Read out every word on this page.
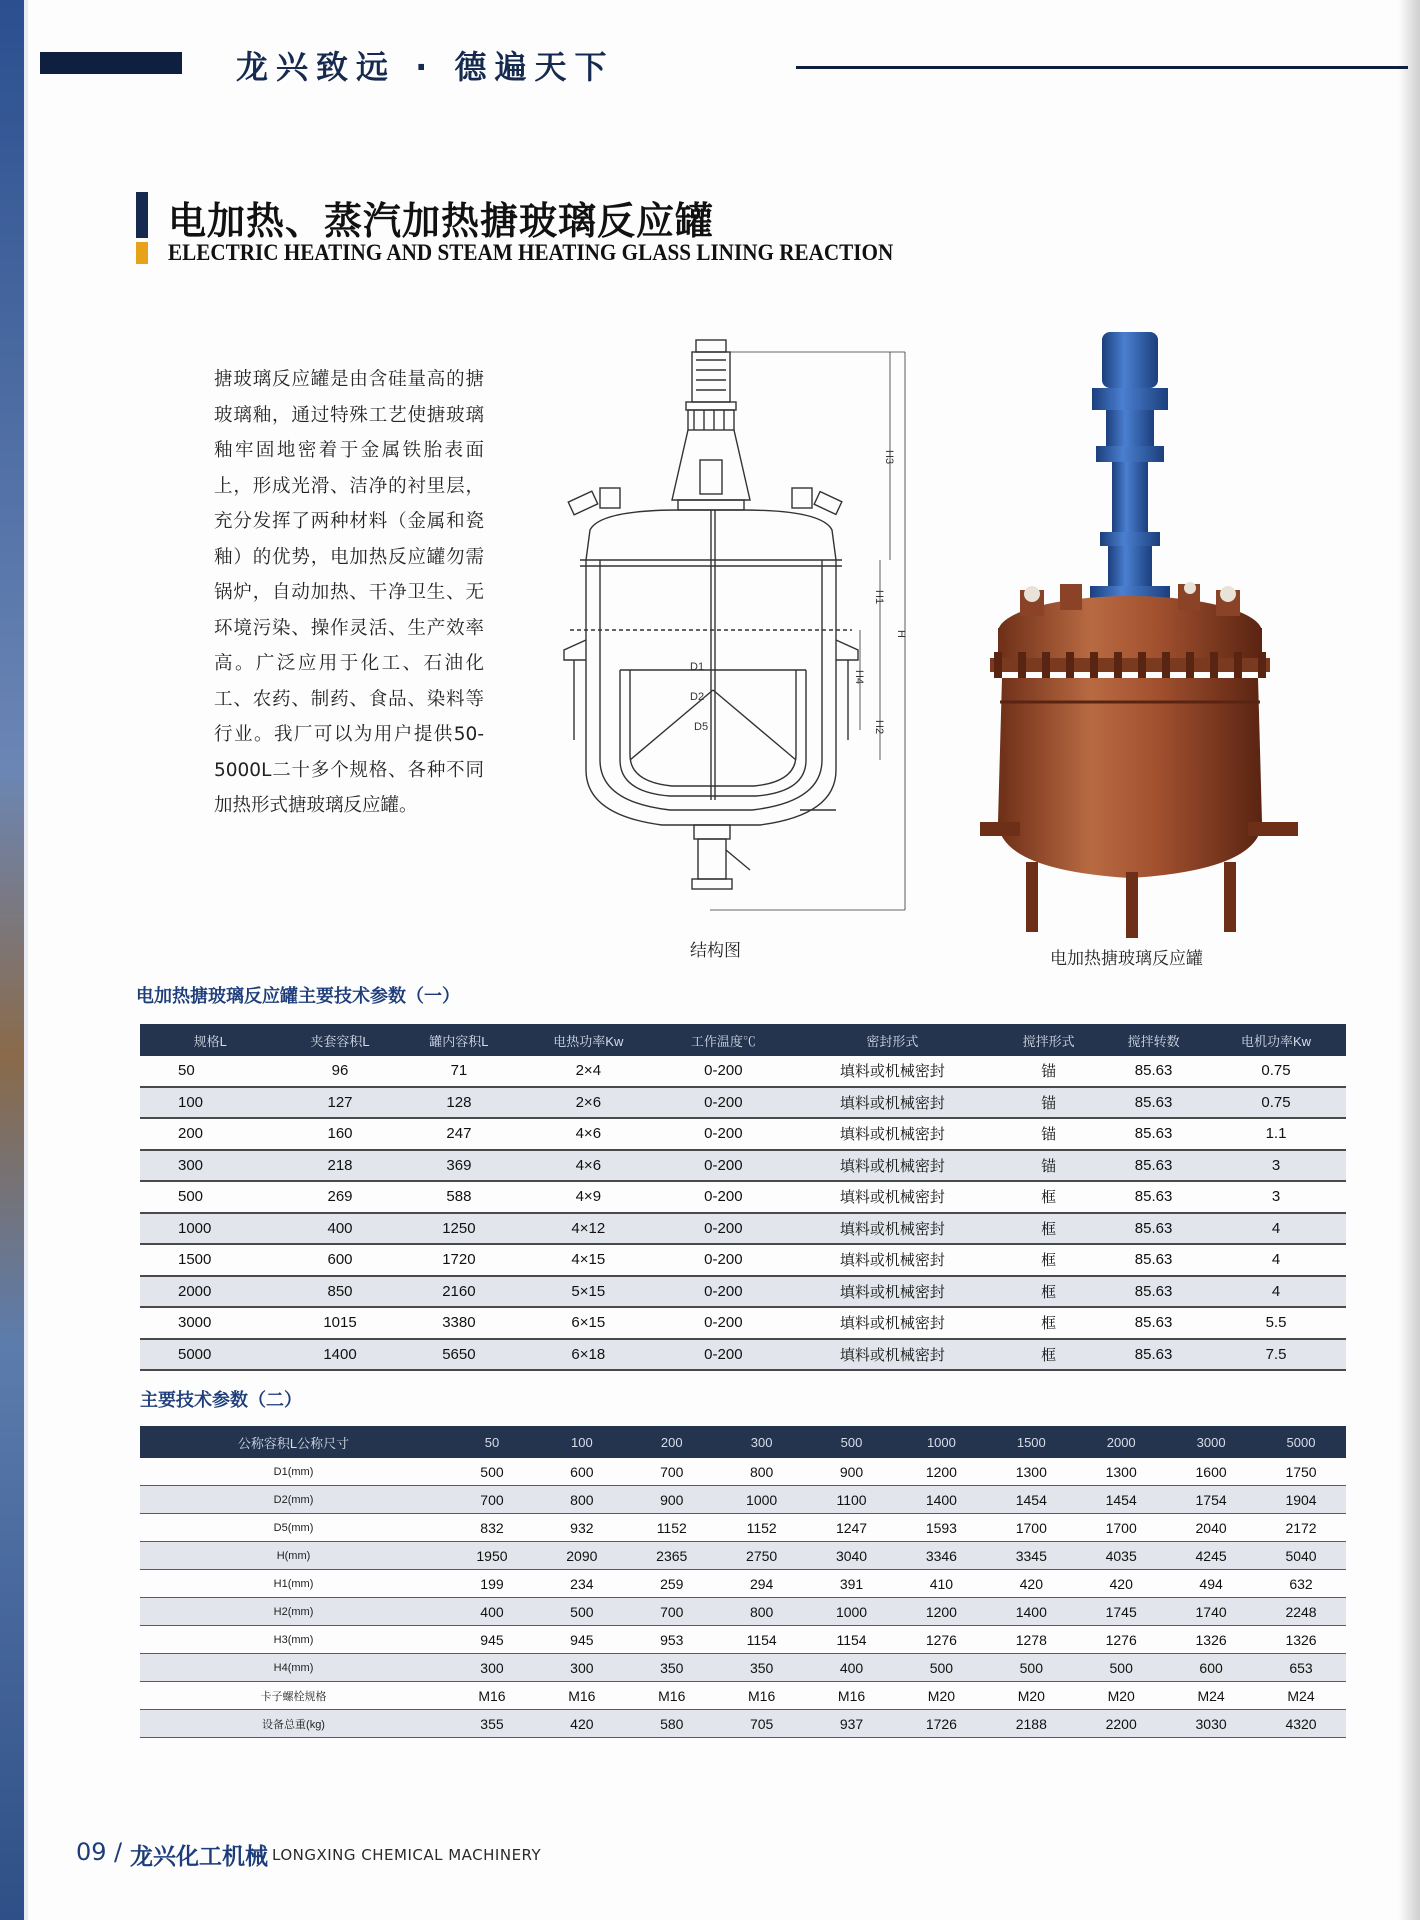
龙兴致远 · 德遍天下
电加热、蒸汽加热搪玻璃反应罐
ELECTRIC HEATING AND STEAM HEATING GLASS LINING REACTION
搪玻璃反应罐是由含硅量高的搪玻璃釉，通过特殊工艺使搪玻璃釉牢固地密着于金属铁胎表面上，形成光滑、洁净的衬里层，充分发挥了两种材料（金属和瓷釉）的优势，电加热反应罐勿需锅炉，自动加热、干净卫生、无环境污染、操作灵活、生产效率高。广泛应用于化工、石油化工、农药、制药、食品、染料等行业。我厂可以为用户提供50-5000L二十多个规格、各种不同加热形式搪玻璃反应罐。
H3
H1
H
H4
H2
D1
D2
D5
结构图	电加热搪玻璃反应罐
电加热搪玻璃反应罐主要技术参数（一）
规格L	夹套容积L	罐内容积L	电热功率Kw	工作温度℃	密封形式	搅拌形式	搅拌转数	电机功率Kw
50	96	71	2×4	0-200	填料或机械密封	锚	85.63	0.75
100	127	128	2×6	0-200	填料或机械密封	锚	85.63	0.75
200	160	247	4×6	0-200	填料或机械密封	锚	85.63	1.1
300	218	369	4×6	0-200	填料或机械密封	锚	85.63	3
500	269	588	4×9	0-200	填料或机械密封	框	85.63	3
1000	400	1250	4×12	0-200	填料或机械密封	框	85.63	4
1500	600	1720	4×15	0-200	填料或机械密封	框	85.63	4
2000	850	2160	5×15	0-200	填料或机械密封	框	85.63	4
3000	1015	3380	6×15	0-200	填料或机械密封	框	85.63	5.5
5000	1400	5650	6×18	0-200	填料或机械密封	框	85.63	7.5
主要技术参数（二）
公称容积L公称尺寸	50	100	200	300	500	1000	1500	2000	3000	5000
D1(mm)	500	600	700	800	900	1200	1300	1300	1600	1750
D2(mm)	700	800	900	1000	1100	1400	1454	1454	1754	1904
D5(mm)	832	932	1152	1152	1247	1593	1700	1700	2040	2172
H(mm)	1950	2090	2365	2750	3040	3346	3345	4035	4245	5040
H1(mm)	199	234	259	294	391	410	420	420	494	632
H2(mm)	400	500	700	800	1000	1200	1400	1745	1740	2248
H3(mm)	945	945	953	1154	1154	1276	1278	1276	1326	1326
H4(mm)	300	300	350	350	400	500	500	500	600	653
卡子螺栓规格	M16	M16	M16	M16	M16	M20	M20	M20	M24	M24
设备总重(kg)	355	420	580	705	937	1726	2188	2200	3030	4320
09 / 龙兴化工机械 LONGXING CHEMICAL MACHINERY
